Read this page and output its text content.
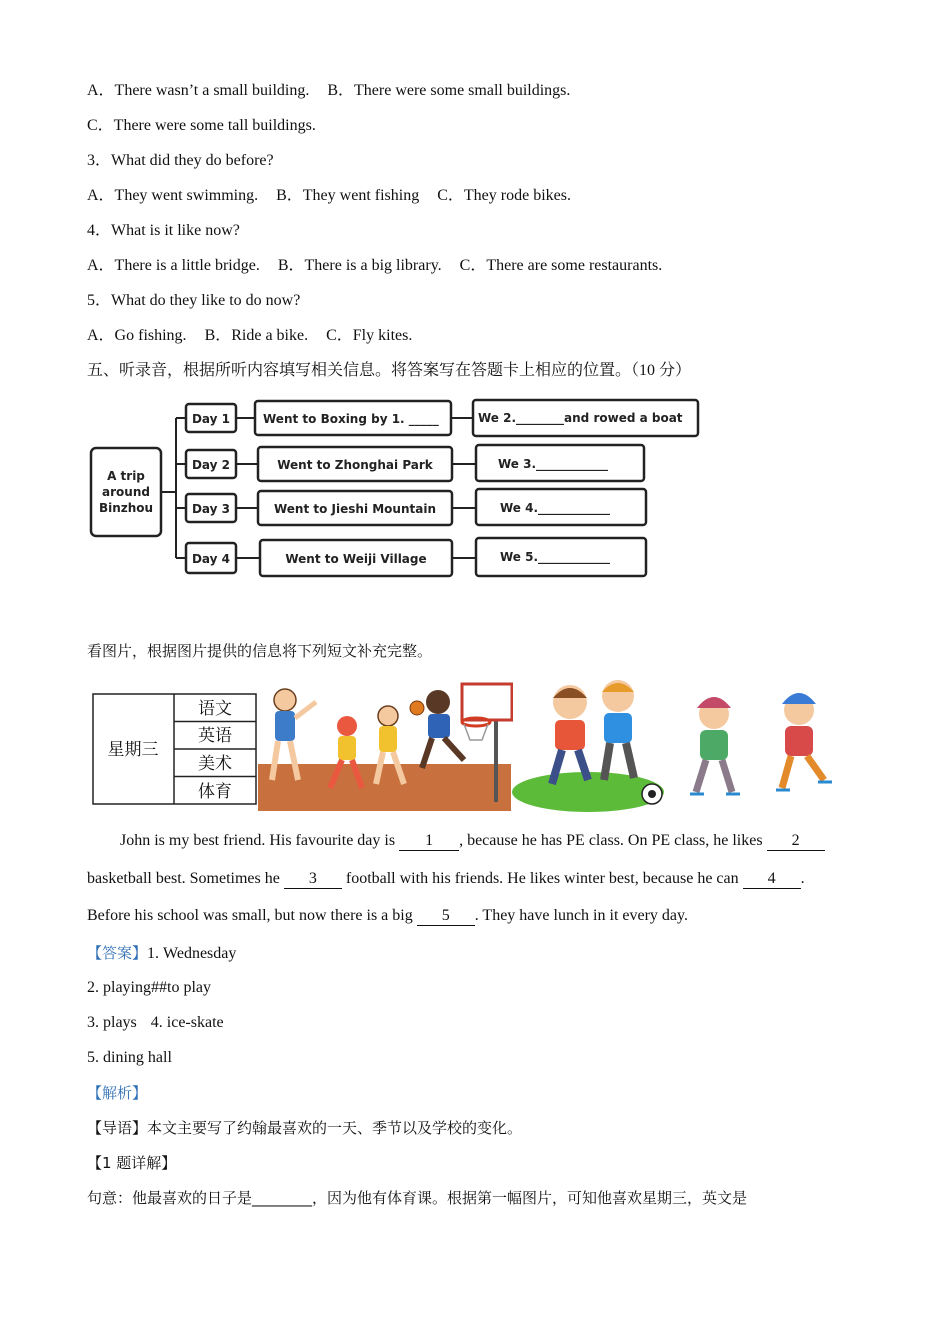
A．There wasn’t a small building. B．There were some small buildings.
C．There were some tall buildings.
3．What did they do before?
A．They went swimming. B．They went fishing C．They rode bikes.
4．What is it like now?
A．There is a little bridge. B．There is a big library. C．There are some restaurants.
5．What do they like to do now?
A．Go fishing. B．Ride a bike. C．Fly kites.
五、听录音，根据所听内容填写相关信息。将答案写在答题卡上相应的位置。（10 分）
A trip
around
Binzhou
Day 1
Day 2
Day 3
Day 4
Went to Boxing by 1. _____
Went to Zhonghai Park
Went to Jieshi Mountain
Went to Weiji Village
We 2.________and rowed a boat
We 3.____________
We 4.____________
We 5.____________
看图片，根据图片提供的信息将下列短文补充完整。
星期三
语文
英语
美术
体育
John is my best friend. His favourite day is 1 , because he has PE class. On PE class, he likes 2
basketball best. Sometimes he 3 football with his friends. He likes winter best, because he can 4 .
Before his school was small, but now there is a big 5 . They have lunch in it every day.
【答案】1. Wednesday
2. playing##to play
3. plays 4. ice-skate
5. dining hall
【解析】
【导语】本文主要写了约翰最喜欢的一天、季节以及学校的变化。
【1 题详解】
句意：他最喜欢的日子是________，因为他有体育课。根据第一幅图片，可知他喜欢星期三，英文是
